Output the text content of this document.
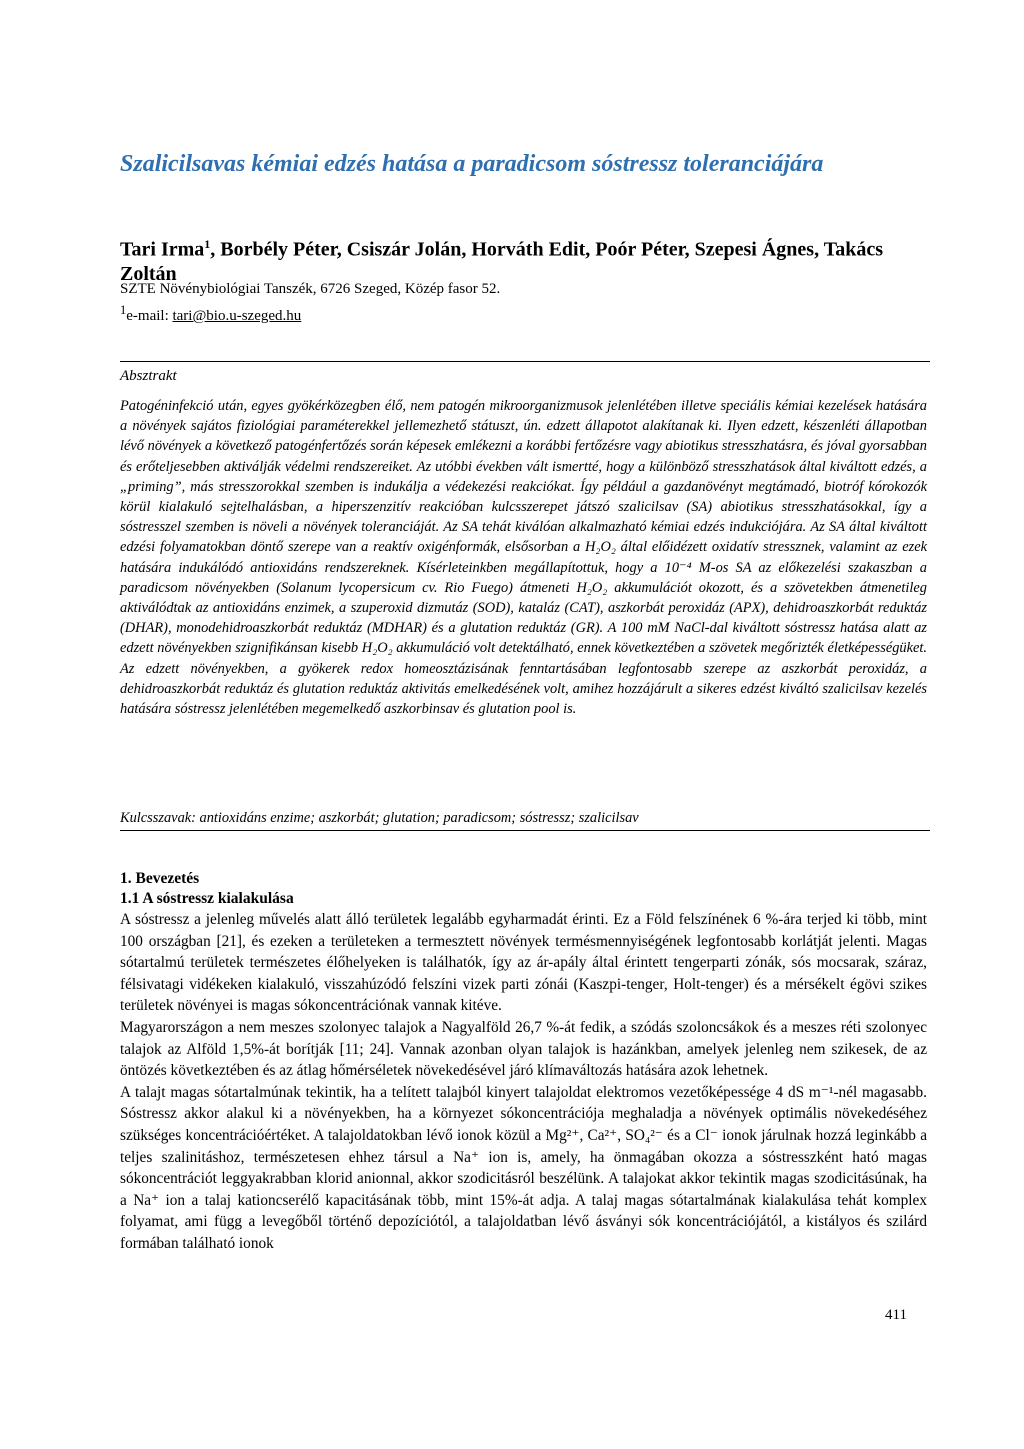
Szalicilsavas kémiai edzés hatása a paradicsom sóstressz toleranciájára
Tari Irma$^1$, Borbély Péter, Csiszár Jolán, Horváth Edit, Poór Péter, Szepesi Ágnes, Takács Zoltán
SZTE Növénybiológiai Tanszék, 6726 Szeged, Közép fasor 52.
$^1$e-mail: tari@bio.u-szeged.hu
Absztrakt

Patogéninfekció után, egyes gyökérközegben élő, nem patogén mikroorganizmusok jelenlétében illetve speciális kémiai kezelések hatására a növények sajátos fiziológiai paraméterekkel jellemezhető státuszt, ún. edzett állapotot alakítanak ki. Ilyen edzett, készenléti állapotban lévő növények a következő patogénfertőzés során képesek emlékezni a korábbi fertőzésre vagy abiotikus stresszhatásra, és jóval gyorsabban és erőteljesebben aktiválják védelmi rendszereiket. Az utóbbi években vált ismertté, hogy a különböző stresszhatások által kiváltott edzés, a „priming”, más stresszorokkal szemben is indukálja a védekezési reakciókat. Így például a gazdanövényt megtámadó, biotróf kórokozók körül kialakuló sejtelhalásban, a hiperszenzitív reakcióban kulcsszerepet játszó szalicilsav (SA) abiotikus stresszhatásokkal, így a sóstresszel szemben is növeli a növények toleranciáját. Az SA tehát kiválóan alkalmazható kémiai edzés indukciójára. Az SA által kiváltott edzési folyamatokban döntő szerepe van a reaktív oxigénformák, elsősorban a H₂O₂ által előidézett oxidatív stressznek, valamint az ezek hatására indukálódó antioxidáns rendszereknek. Kísérleteinkben megállapítottuk, hogy a 10⁻⁴ M-os SA az előkezelési szakaszban a paradicsom növényekben (Solanum lycopersicum cv. Rio Fuego) átmeneti H₂O₂ akkumulációt okozott, és a szövetekben átmenetileg aktiválódtak az antioxidáns enzimek, a szuperoxid dizmutáz (SOD), kataláz (CAT), aszkorbát peroxidáz (APX), dehidroaszkorbát reduktáz (DHAR), monodehidroaszkorbát reduktáz (MDHAR) és a glutation reduktáz (GR). A 100 mM NaCl-dal kiváltott sóstressz hatása alatt az edzett növényekben szignifikánsan kisebb H₂O₂ akkumuláció volt detektálható, ennek következtében a szövetek megőrizték életképességüket. Az edzett növényekben, a gyökerek redox homeosztázisának fenntartásában legfontosabb szerepe az aszkorbát peroxidáz, a dehidroaszkorbát reduktáz és glutation reduktáz aktivitás emelkedésének volt, amihez hozzájárult a sikeres edzést kiváltó szalicilsav kezelés hatására sóstressz jelenlétében megemelkedő aszkorbinsav és glutation pool is.

Kulcsszavak: antioxidáns enzime; aszkorbát; glutation; paradicsom; sóstressz; szalicilsav
1. Bevezetés
1.1 A sóstressz kialakulása

A sóstressz a jelenleg művelés alatt álló területek legalább egyharmadát érinti. Ez a Föld felszínének 6 %-ára terjed ki több, mint 100 országban [21], és ezeken a területeken a termesztett növények termésmennyiségének legfontosabb korlátját jelenti. Magas sótartalmú területek természetes élőhelyeken is találhatók, így az ár-apály által érintett tengerparti zónák, sós mocsarak, száraz, félsivatagi vidékeken kialakuló, visszahúzódó felszíni vizek parti zónái (Kaszpi-tenger, Holt-tenger) és a mérsékelt égövi szikes területek növényei is magas sókoncentrációnak vannak kitéve.

Magyarországon a nem meszes szolonyec talajok a Nagyalföld 26,7 %-át fedik, a szódás szoloncsákok és a meszes réti szolonyec talajok az Alföld 1,5%-át borítják [11; 24]. Vannak azonban olyan talajok is hazánkban, amelyek jelenleg nem szikesek, de az öntözés következtében és az átlag hőmérséletek növekedésével járó klímaváltozás hatására azok lehetnek.

A talajt magas sótartalmúnak tekintik, ha a telített talajból kinyert talajoldat elektromos vezetőképessége 4 dS m⁻¹-nél magasabb. Sóstressz akkor alakul ki a növényekben, ha a környezet sókoncentrációja meghaladja a növények optimális növekedéséhez szükséges koncentrációértéket. A talajoldatokban lévő ionok közül a Mg²⁺, Ca²⁺, SO₄²⁻ és a Cl⁻ ionok járulnak hozzá leginkább a teljes szalinitáshoz, természetesen ehhez társul a Na⁺ ion is, amely, ha önmagában okozza a sóstresszként ható magas sókoncentrációt leggyakrabban klorid anionnal, akkor szodicitásról beszélünk. A talajokat akkor tekintik magas szodicitásúnak, ha a Na⁺ ion a talaj kationcserélő kapacitásának több, mint 15%-át adja. A talaj magas sótartalmának kialakulása tehát komplex folyamat, ami függ a levegőből történő depozíciótól, a talajoldatban lévő ásványi sók koncentrációjától, a kistályos és szilárd formában található ionok

411
